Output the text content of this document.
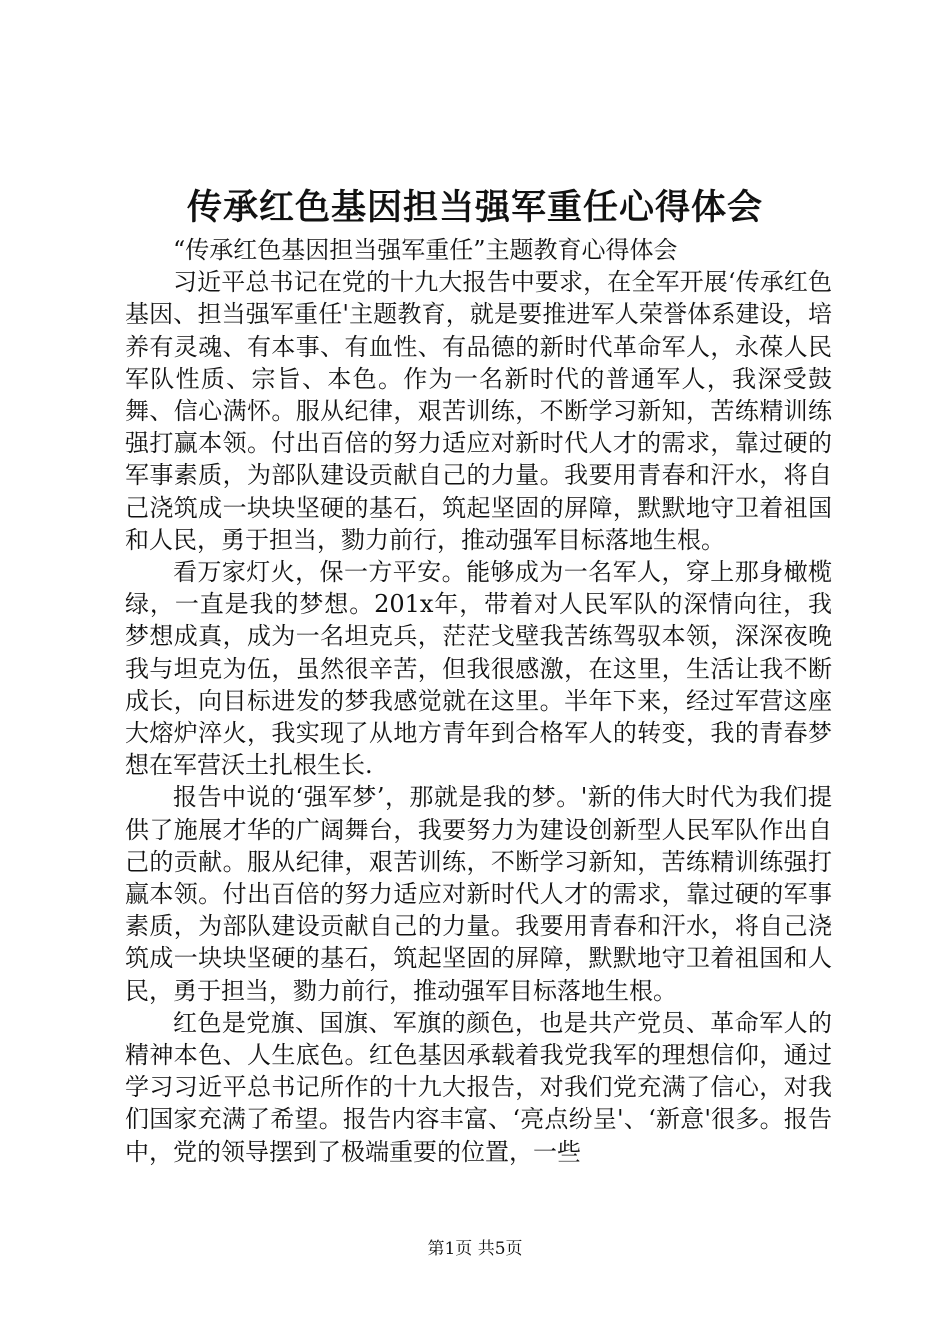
传承红色基因担当强军重任心得体会

“传承红色基因担当强军重任”主题教育心得体会

习近平总书记在党的十九大报告中要求，在全军开展‘传承红色基因、担当强军重任'主题教育，就是要推进军人荣誉体系建设，培养有灵魂、有本事、有血性、有品德的新时代革命军人，永葆人民军队性质、宗旨、本色。作为一名新时代的普通军人，我深受鼓舞、信心满怀。服从纪律，艰苦训练，不断学习新知，苦练精训练强打赢本领。付出百倍的努力适应对新时代人才的需求，靠过硬的军事素质，为部队建设贡献自己的力量。我要用青春和汗水，将自己浇筑成一块块坚硬的基石，筑起坚固的屏障，默默地守卫着祖国和人民，勇于担当，勠力前行，推动强军目标落地生根。

看万家灯火，保一方平安。能够成为一名军人，穿上那身橄榄绿，一直是我的梦想。201x年，带着对人民军队的深情向往，我梦想成真，成为一名坦克兵，茫茫戈壁我苦练驾驭本领，深深夜晚我与坦克为伍，虽然很辛苦，但我很感激，在这里，生活让我不断成长，向目标进发的梦我感觉就在这里。半年下来，经过军营这座大熔炉淬火，我实现了从地方青年到合格军人的转变，我的青春梦想在军营沃土扎根生长.

报告中说的‘强军梦’，那就是我的梦。'新的伟大时代为我们提供了施展才华的广阔舞台，我要努力为建设创新型人民军队作出自己的贡献。服从纪律，艰苦训练，不断学习新知，苦练精训练强打赢本领。付出百倍的努力适应对新时代人才的需求，靠过硬的军事素质，为部队建设贡献自己的力量。我要用青春和汗水，将自己浇筑成一块块坚硬的基石，筑起坚固的屏障，默默地守卫着祖国和人民，勇于担当，勠力前行，推动强军目标落地生根。

红色是党旗、国旗、军旗的颜色，也是共产党员、革命军人的精神本色、人生底色。红色基因承载着我党我军的理想信仰，通过学习习近平总书记所作的十九大报告，对我们党充满了信心，对我们国家充满了希望。报告内容丰富、‘亮点纷呈'、‘新意'很多。报告中，党的领导摆到了极端重要的位置，一些

第1页 共5页
